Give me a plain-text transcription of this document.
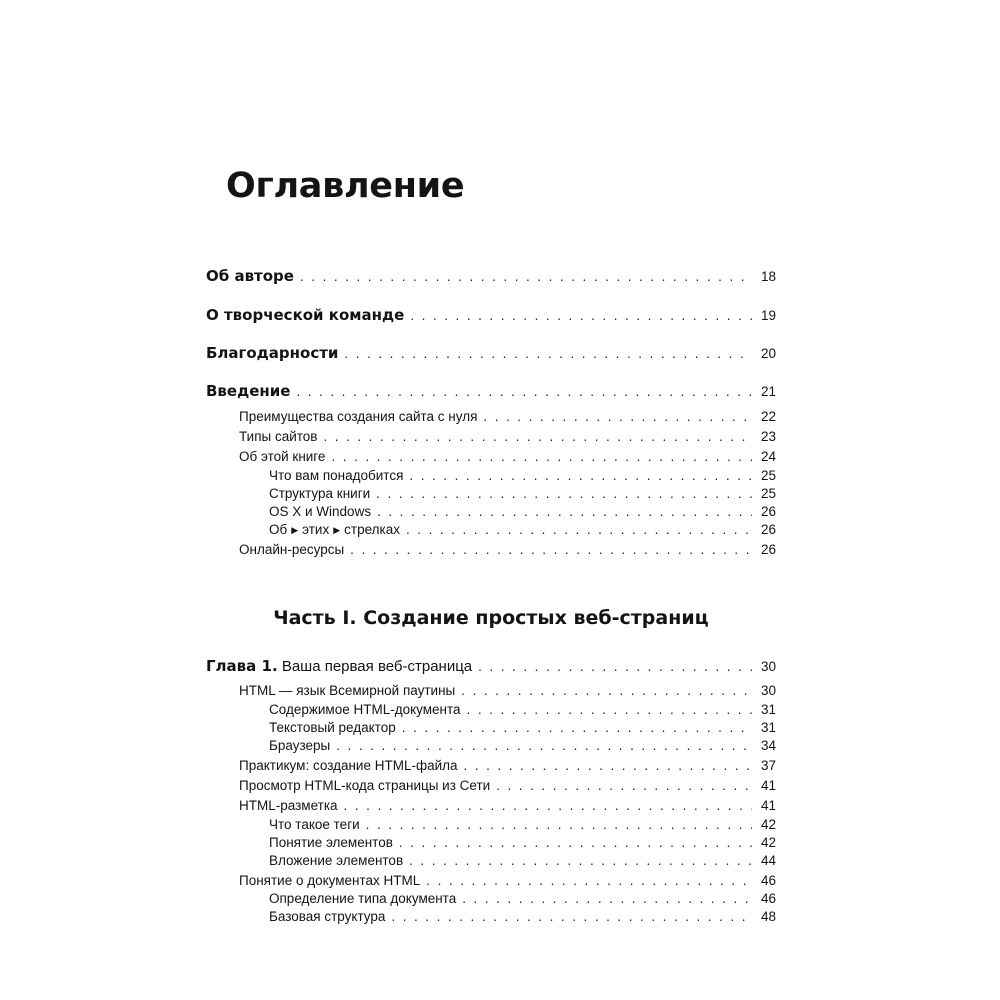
Оглавление
Об авторе . . .	18
О творческой команде . . .	19
Благодарности . . .	20
Введение . . .	21
Преимущества создания сайта с нуля . . .	22
Типы сайтов . . .	23
Об этой книге . . .	24
Что вам понадобится . . .	25
Структура книги . . .	25
OS X и Windows . . .	26
Об ▶ этих ▶ стрелках . . .	26
Онлайн-ресурсы . . .	26
Часть I. Создание простых веб-страниц
Глава 1. Ваша первая веб-страница . . .	30
HTML — язык Всемирной паутины . . .	30
Содержимое HTML-документа . . .	31
Текстовый редактор . . .	31
Браузеры . . .	34
Практикум: создание HTML-файла . . .	37
Просмотр HTML-кода страницы из Сети . . .	41
HTML-разметка . . .	41
Что такое теги . . .	42
Понятие элементов . . .	42
Вложение элементов . . .	44
Понятие о документах HTML . . .	46
Определение типа документа . . .	46
Базовая структура . . .	48
